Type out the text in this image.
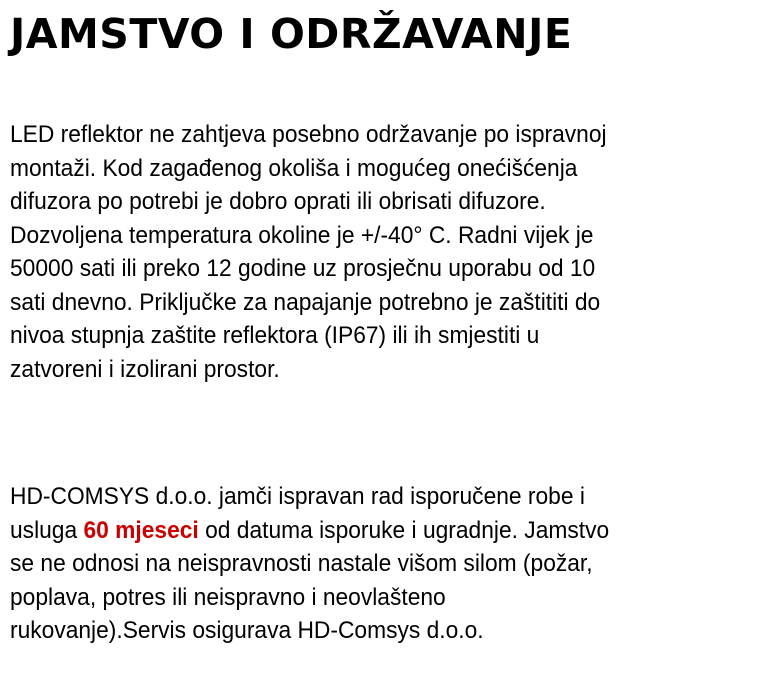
JAMSTVO I ODRŽAVANJE
LED reflektor ne zahtjeva posebno održavanje po ispravnoj
montaži. Kod zagađenog okoliša i mogućeg onećišćenja
difuzora po potrebi je dobro oprati ili obrisati difuzore.
Dozvoljena temperatura okoline je +/-40° C. Radni vijek je
50000 sati ili preko 12 godine uz prosječnu uporabu od 10
sati dnevno. Priključke za napajanje potrebno je zaštititi do
nivoa stupnja zaštite reflektora (IP67) ili ih smjestiti u
zatvoreni i izolirani prostor.
HD-COMSYS d.o.o. jamči ispravan rad isporučene robe i
usluga 60 mjeseci od datuma isporuke i ugradnje. Jamstvo
se ne odnosi na neispravnosti nastale višom silom (požar,
poplava, potres ili neispravno i neovlašteno
rukovanje).Servis osigurava HD-Comsys d.o.o.
